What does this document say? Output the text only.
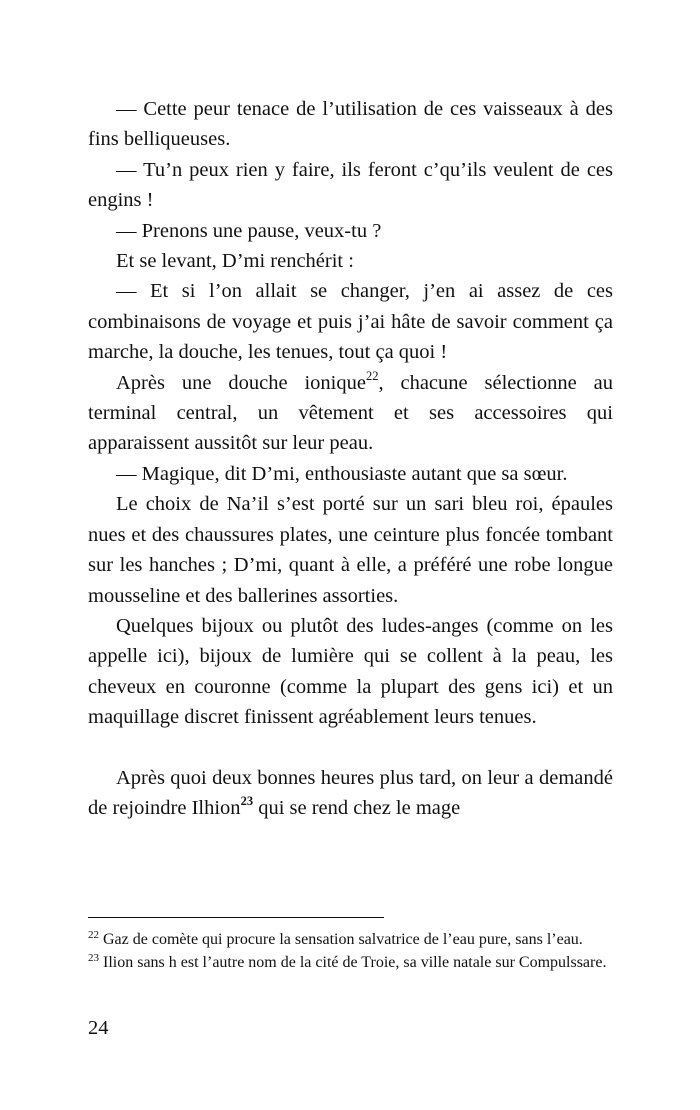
— Cette peur tenace de l’utilisation de ces vaisseaux à des fins belliqueuses.

— Tu’n peux rien y faire, ils feront c’qu’ils veulent de ces engins !

— Prenons une pause, veux-tu ?

Et se levant, D’mi renchérit :

— Et si l’on allait se changer, j’en ai assez de ces combinaisons de voyage et puis j’ai hâte de savoir comment ça marche, la douche, les tenues, tout ça quoi !

Après une douche ionique$^{22}$, chacune sélectionne au terminal central, un vêtement et ses accessoires qui apparaissent aussitôt sur leur peau.

— Magique, dit D’mi, enthousiaste autant que sa sœur.

Le choix de Na’il s’est porté sur un sari bleu roi, épaules nues et des chaussures plates, une ceinture plus foncée tombant sur les hanches ; D’mi, quant à elle, a préféré une robe longue mousseline et des ballerines assorties.

Quelques bijoux ou plutôt des ludes-anges (comme on les appelle ici), bijoux de lumière qui se collent à la peau, les cheveux en couronne (comme la plupart des gens ici) et un maquillage discret finissent agréablement leurs tenues.

Après quoi deux bonnes heures plus tard, on leur a demandé de rejoindre Ilhion$^{23}$ qui se rend chez le mage

$^{22}$ Gaz de comète qui procure la sensation salvatrice de l’eau pure, sans l’eau.

$^{23}$ Ilion sans h est l’autre nom de la cité de Troie, sa ville natale sur Compulssare.

24
